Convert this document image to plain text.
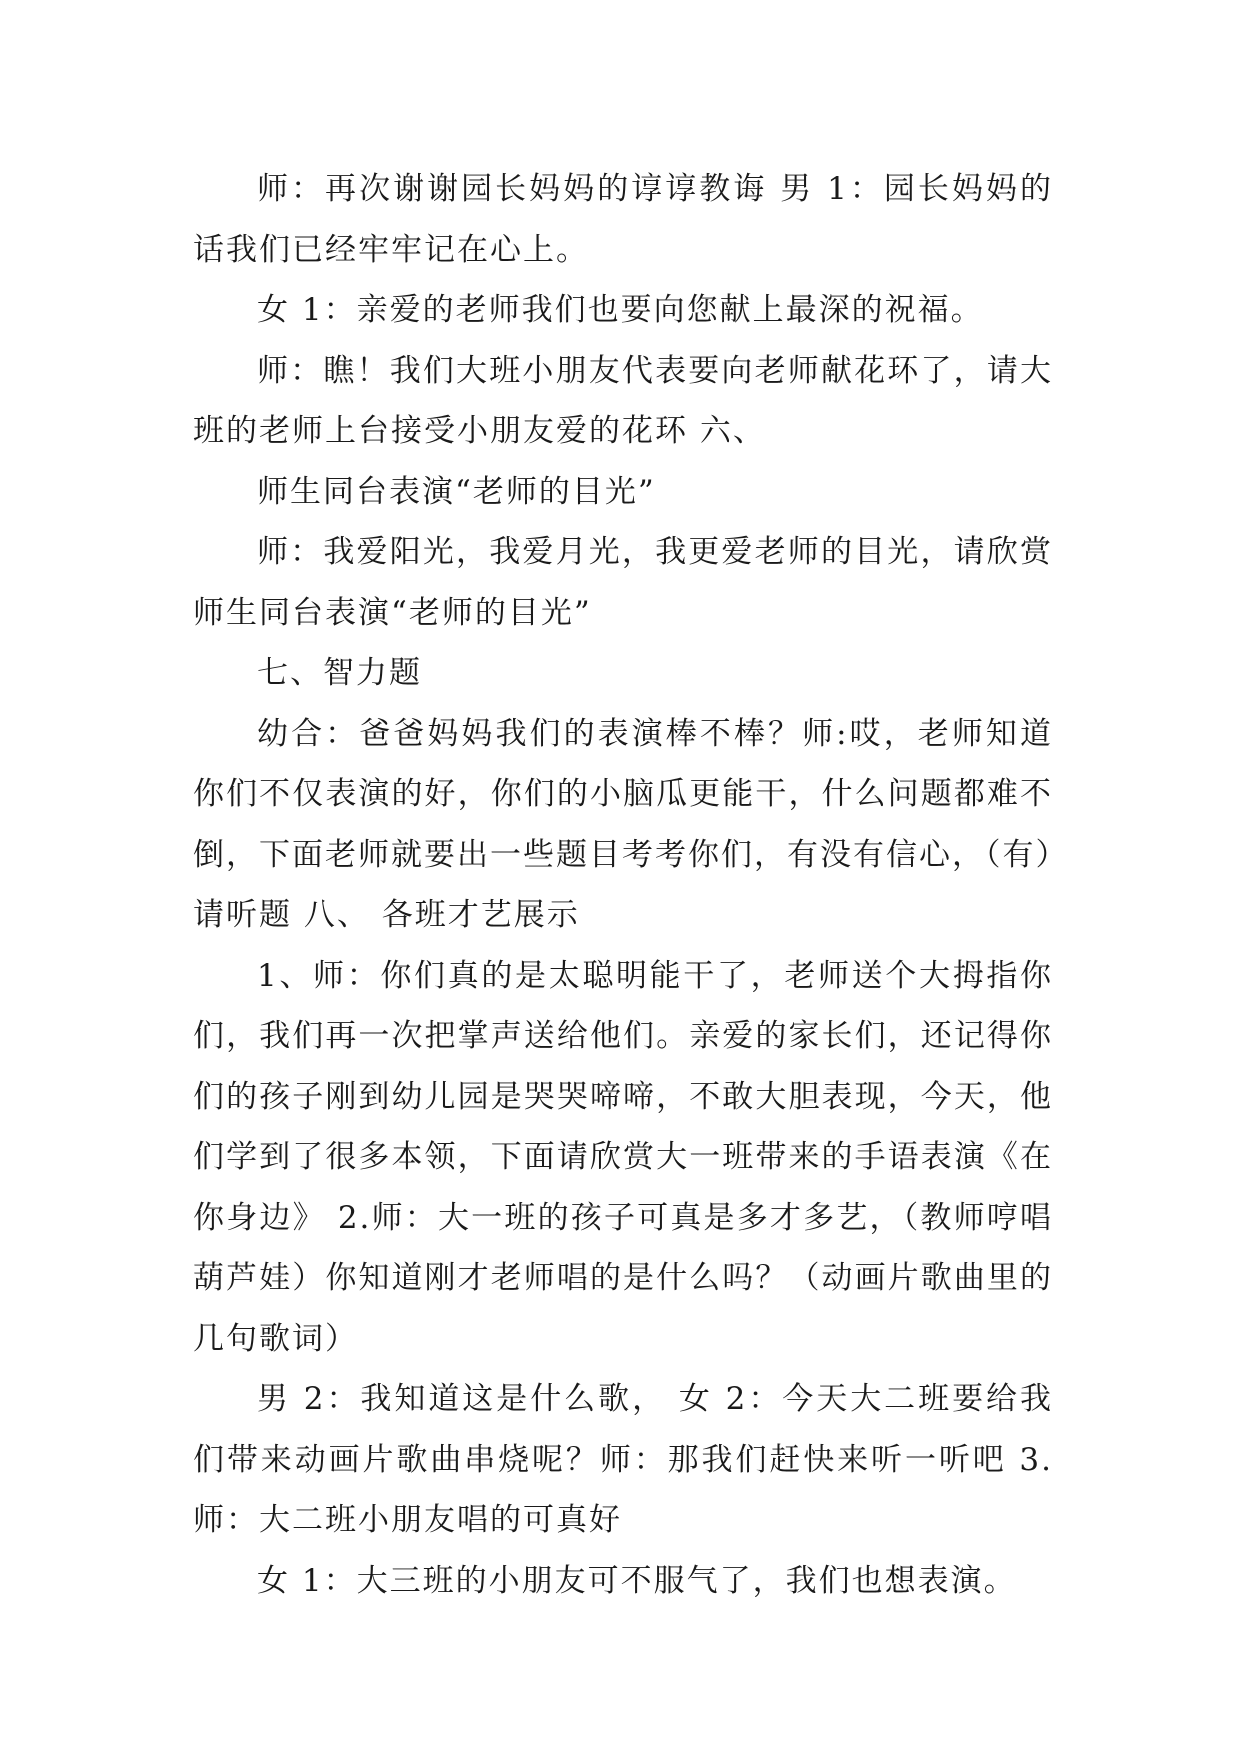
师：再次谢谢园长妈妈的谆谆教诲 男 1：园长妈妈的话我们已经牢牢记在心上。

女 1：亲爱的老师我们也要向您献上最深的祝福。

师：瞧！我们大班小朋友代表要向老师献花环了，请大班的老师上台接受小朋友爱的花环 六、

师生同台表演“老师的目光”

师：我爱阳光，我爱月光，我更爱老师的目光，请欣赏师生同台表演“老师的目光”

七、智力题

幼合：爸爸妈妈我们的表演棒不棒？师:哎，老师知道你们不仅表演的好，你们的小脑瓜更能干，什么问题都难不倒，下面老师就要出一些题目考考你们，有没有信心，（有）请听题 八、 各班才艺展示

1、师：你们真的是太聪明能干了，老师送个大拇指你们，我们再一次把掌声送给他们。亲爱的家长们，还记得你们的孩子刚到幼儿园是哭哭啼啼，不敢大胆表现，今天，他们学到了很多本领，下面请欣赏大一班带来的手语表演《在你身边》 2.师：大一班的孩子可真是多才多艺，（教师哼唱葫芦娃）你知道刚才老师唱的是什么吗？（动画片歌曲里的几句歌词）

男 2：我知道这是什么歌， 女 2：今天大二班要给我们带来动画片歌曲串烧呢？师：那我们赶快来听一听吧 3.师：大二班小朋友唱的可真好

女 1：大三班的小朋友可不服气了，我们也想表演。
